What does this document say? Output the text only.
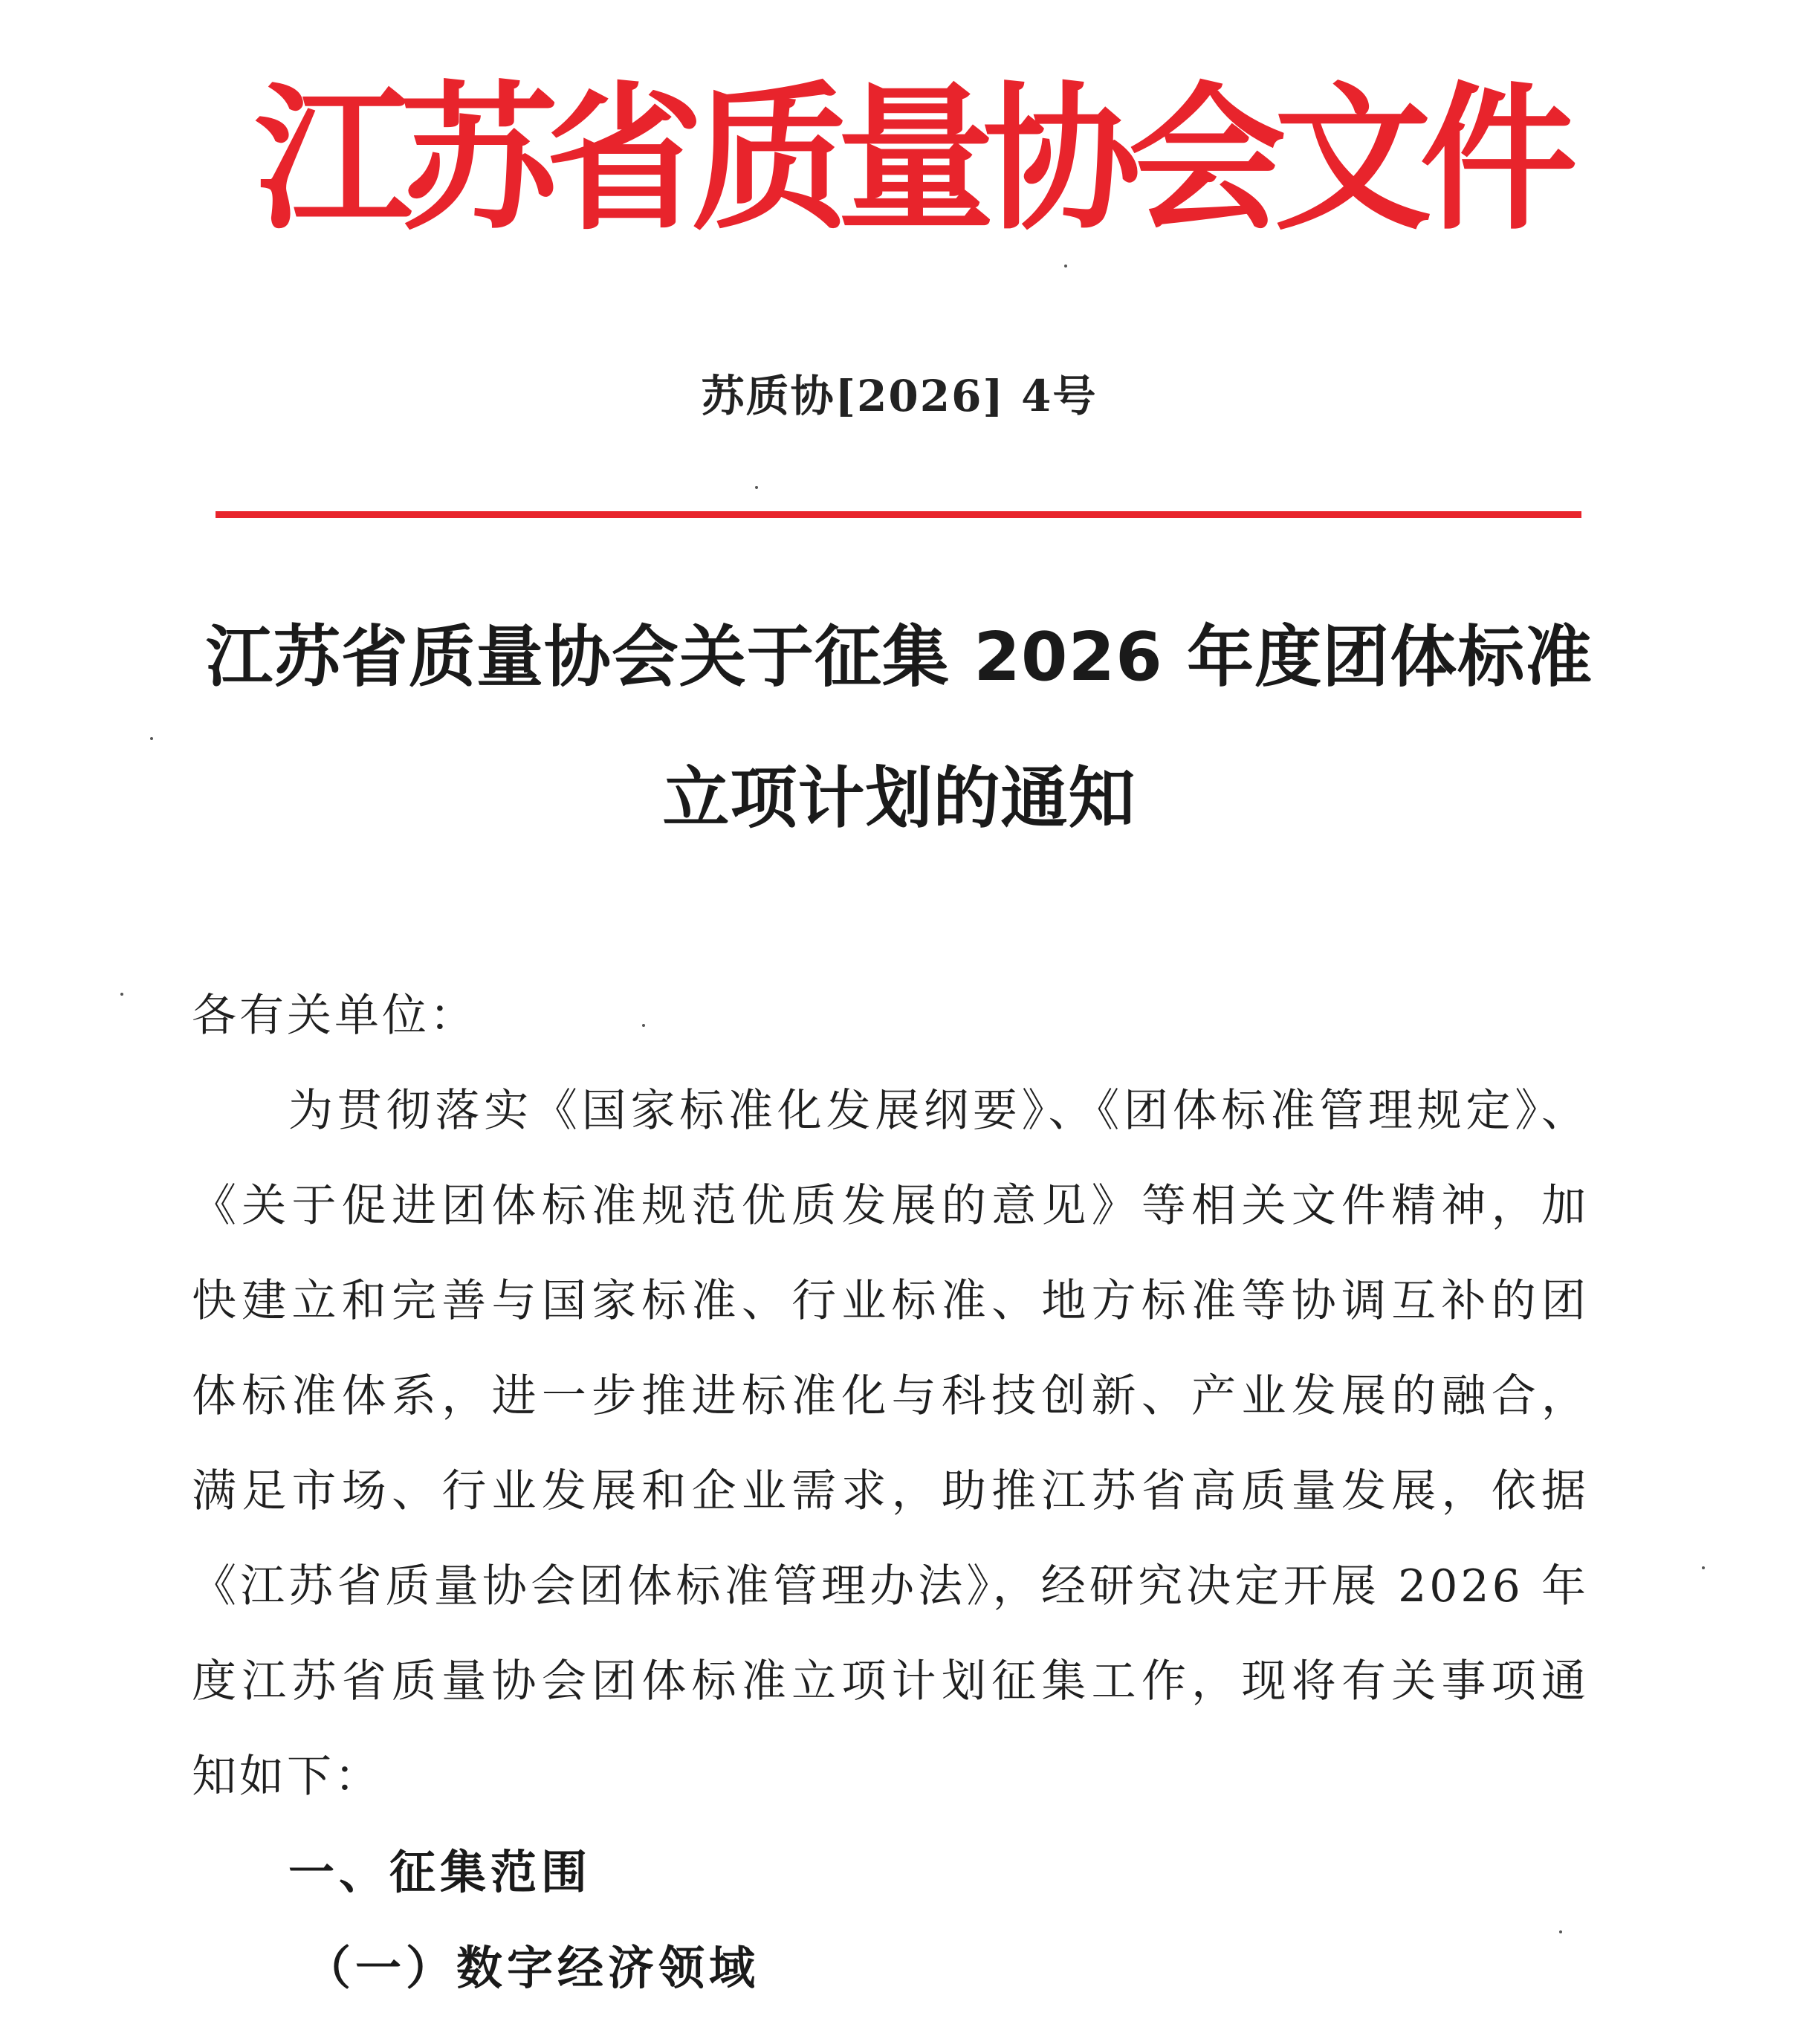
江苏省质量协会文件
苏质协[2026] 4号
江苏省质量协会关于征集 2026 年度团体标准
立项计划的通知
各有关单位：
为贯彻落实《国家标准化发展纲要》、《团体标准管理规定》、
《关于促进团体标准规范优质发展的意见》等相关文件精神，加
快建立和完善与国家标准、行业标准、地方标准等协调互补的团
体标准体系，进一步推进标准化与科技创新、产业发展的融合，
满足市场、行业发展和企业需求，助推江苏省高质量发展，依据
《江苏省质量协会团体标准管理办法》，经研究决定开展 2026 年
度江苏省质量协会团体标准立项计划征集工作，现将有关事项通
知如下：
一、征集范围
（一）数字经济领域
